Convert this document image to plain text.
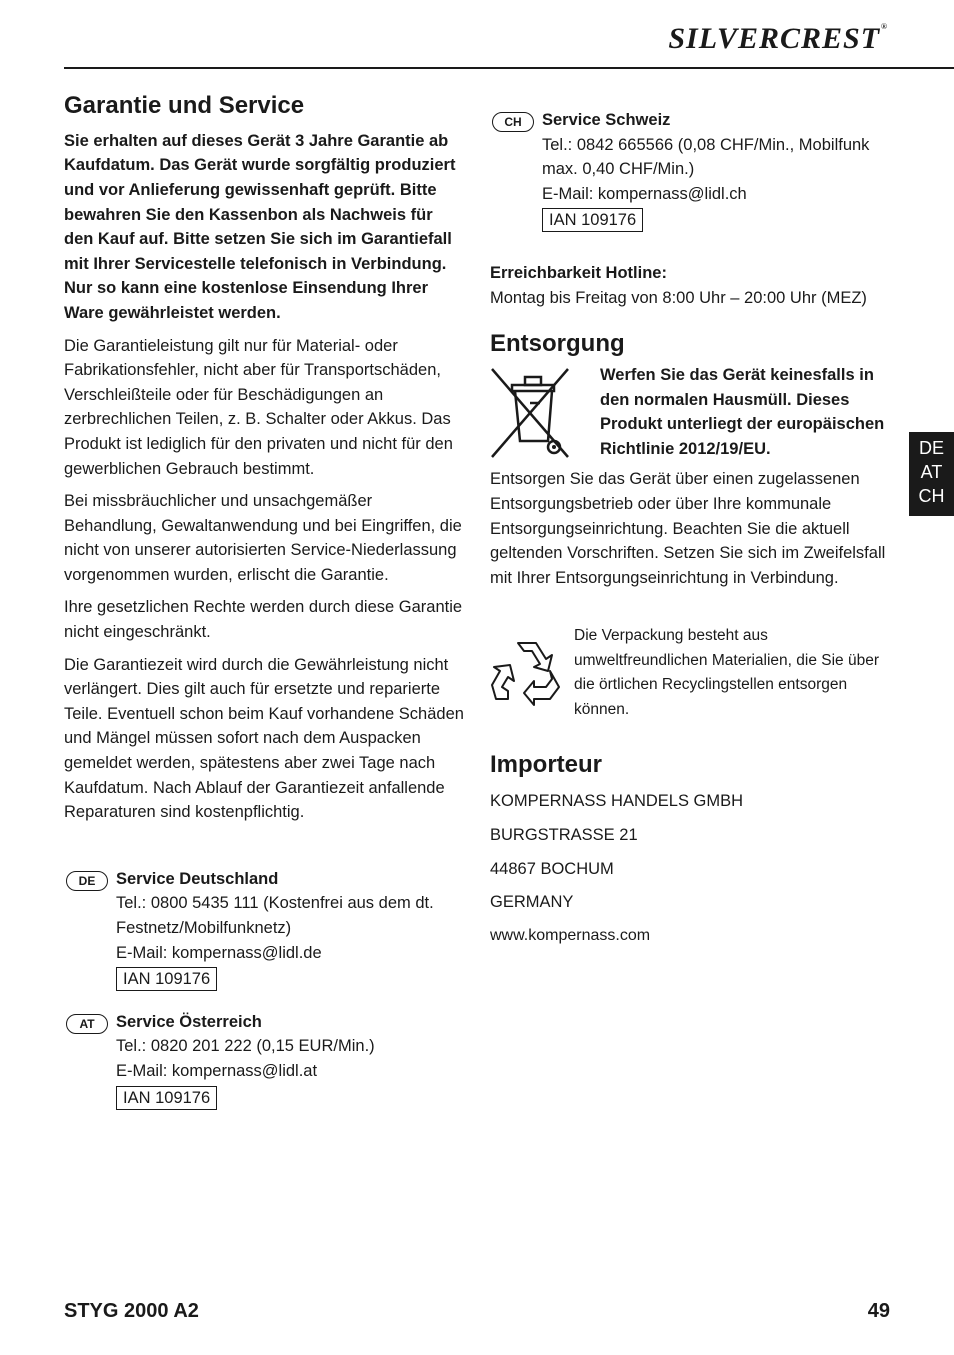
SILVERCREST®
Garantie und Service

Sie erhalten auf dieses Gerät 3 Jahre Garantie ab Kaufdatum. Das Gerät wurde sorgfältig produziert und vor Anlieferung gewissenhaft geprüft. Bitte bewahren Sie den Kassenbon als Nachweis für den Kauf auf. Bitte setzen Sie sich im Garantiefall mit Ihrer Servicestelle telefonisch in Verbindung. Nur so kann eine kostenlose Einsendung Ihrer Ware gewährleistet werden.

Die Garantieleistung gilt nur für Material- oder Fabrikationsfehler, nicht aber für Transportschäden, Verschleißteile oder für Beschädigungen an zerbrechlichen Teilen, z. B. Schalter oder Akkus. Das Produkt ist lediglich für den privaten und nicht für den gewerblichen Gebrauch bestimmt.

Bei missbräuchlicher und unsachgemäßer Behandlung, Gewaltanwendung und bei Eingriffen, die nicht von unserer autorisierten Service-Niederlassung vorgenommen wurden, erlischt die Garantie.

Ihre gesetzlichen Rechte werden durch diese Garantie nicht eingeschränkt.

Die Garantiezeit wird durch die Gewährleistung nicht verlängert. Dies gilt auch für ersetzte und reparierte Teile. Eventuell schon beim Kauf vorhandene Schäden und Mängel müssen sofort nach dem Auspacken gemeldet werden, spätestens aber zwei Tage nach Kaufdatum. Nach Ablauf der Garantiezeit anfallende Reparaturen sind kostenpflichtig.

DE	Service Deutschland
Tel.: 0800 5435 111 (Kostenfrei aus dem dt. Festnetz/Mobilfunknetz)
E-Mail: kompernass@lidl.de
IAN 109176
AT	Service Österreich
Tel.: 0820 201 222 (0,15 EUR/Min.)
E-Mail: kompernass@lidl.at
IAN 109176
CH	Service Schweiz
Tel.: 0842 665566 (0,08 CHF/Min., Mobilfunk max. 0,40 CHF/Min.)
E-Mail: kompernass@lidl.ch
IAN 109176
Erreichbarkeit Hotline:
Montag bis Freitag von 8:00 Uhr – 20:00 Uhr (MEZ)
Entsorgung
Werfen Sie das Gerät keinesfalls in den normalen Hausmüll. Dieses Produkt unterliegt der europäischen Richtlinie 2012/19/EU.

Entsorgen Sie das Gerät über einen zugelassenen Entsorgungsbetrieb oder über Ihre kommunale Entsorgungseinrichtung. Beachten Sie die aktuell geltenden Vorschriften. Setzen Sie sich im Zweifelsfall mit Ihrer Entsorgungseinrichtung in Verbindung.

Die Verpackung besteht aus umweltfreundlichen Materialien, die Sie über die örtlichen Recyclingstellen entsorgen können.
Importeur
KOMPERNASS HANDELS GMBH
BURGSTRASSE 21
44867 BOCHUM
GERMANY
www.kompernass.com
DE
AT
CH
STYG 2000 A2	49
